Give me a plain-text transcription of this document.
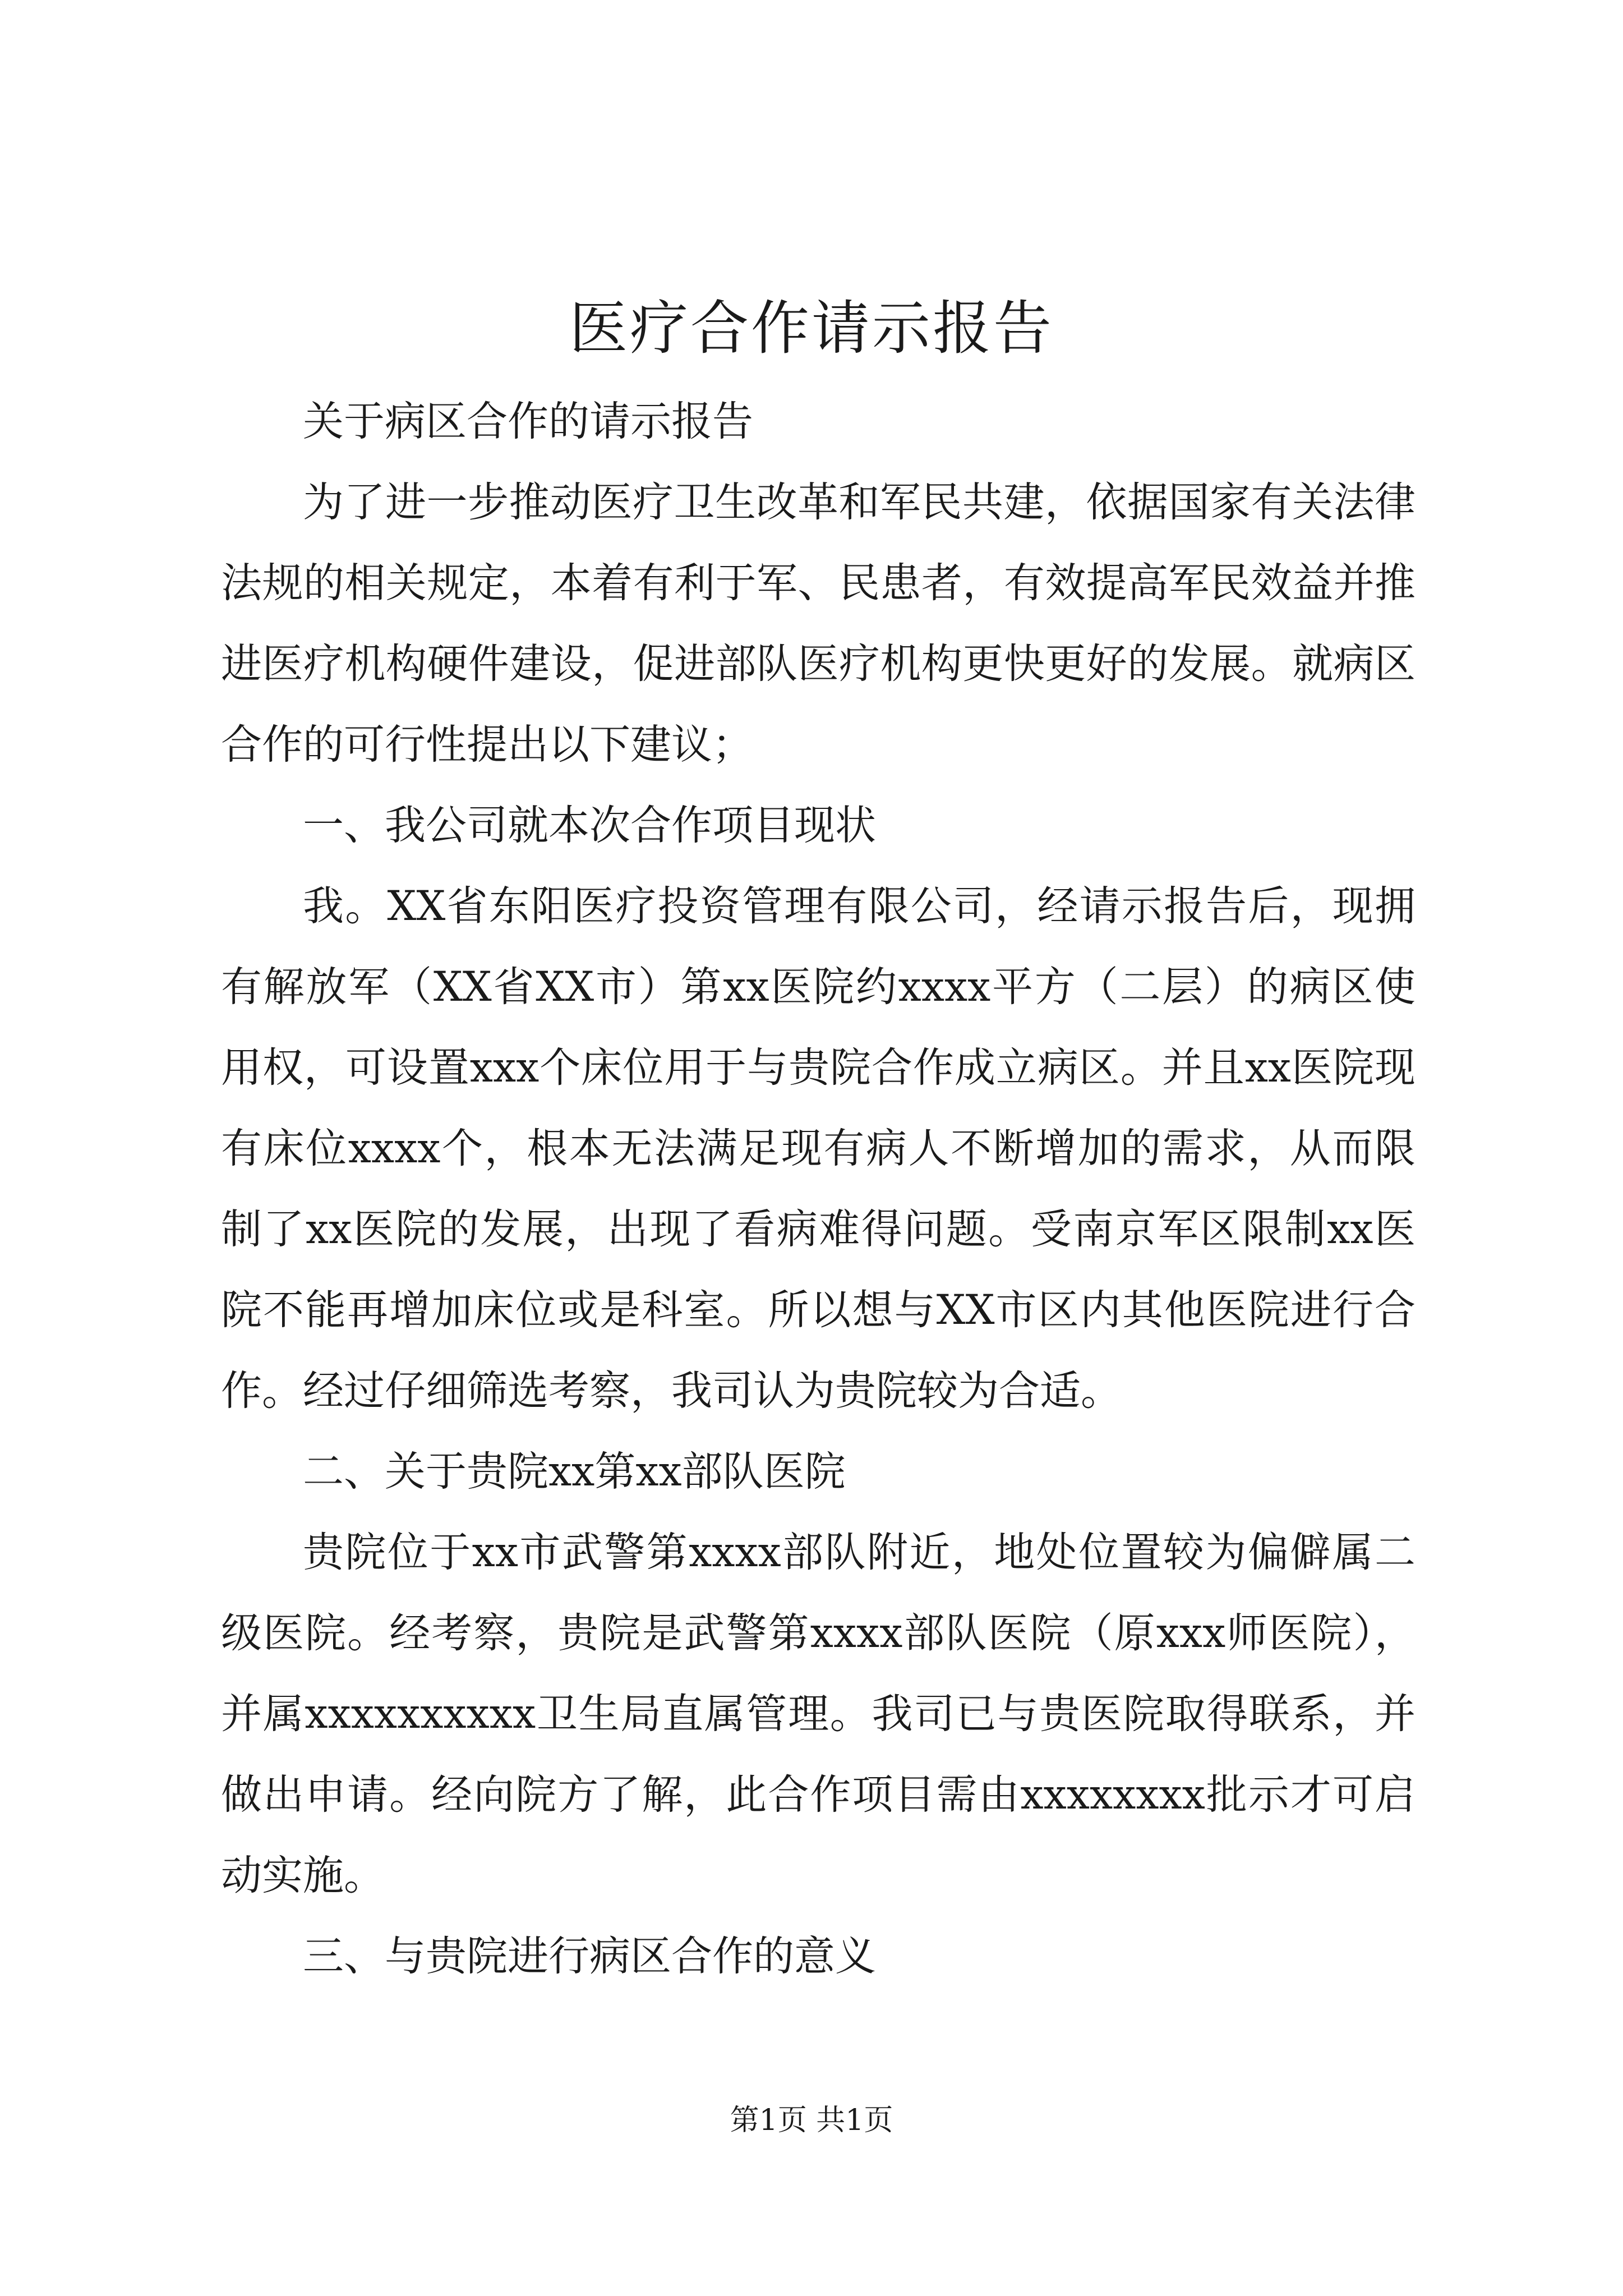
医疗合作请示报告

关于病区合作的请示报告

为了进一步推动医疗卫生改革和军民共建，依据国家有关法律法规的相关规定，本着有利于军、民患者，有效提高军民效益并推进医疗机构硬件建设，促进部队医疗机构更快更好的发展。就病区合作的可行性提出以下建议；

一、我公司就本次合作项目现状

我。XX省东阳医疗投资管理有限公司，经请示报告后，现拥有解放军（XX省XX市）第xx医院约xxxx平方（二层）的病区使用权，可设置xxx个床位用于与贵院合作成立病区。并且xx医院现有床位xxxx个，根本无法满足现有病人不断增加的需求，从而限制了xx医院的发展，出现了看病难得问题。受南京军区限制xx医院不能再增加床位或是科室。所以想与XX市区内其他医院进行合作。经过仔细筛选考察，我司认为贵院较为合适。

二、关于贵院xx第xx部队医院

贵院位于xx市武警第xxxx部队附近，地处位置较为偏僻属二级医院。经考察，贵院是武警第xxxx部队医院（原xxx师医院），并属xxxxxxxxxx卫生局直属管理。我司已与贵医院取得联系，并做出申请。经向院方了解，此合作项目需由xxxxxxxx批示才可启动实施。

三、与贵院进行病区合作的意义

第1页 共1页
